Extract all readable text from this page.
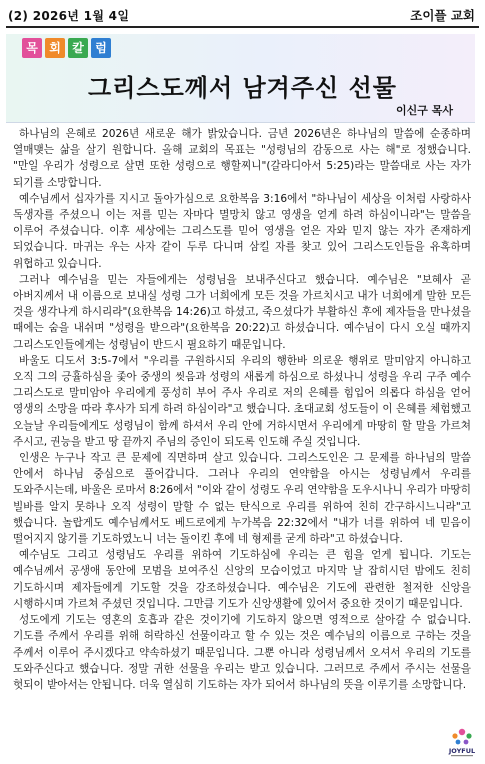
(2) 2026년 1월 4일	조이플 교회
목 회 칼 럼
그리스도께서 남겨주신 선물
이신구 목사

하나님의 은혜로 2026년 새로운 해가 밝았습니다. 금년 2026년은 하나님의 말씀에 순종하며 열매맺는 삶을 살기 원합니다. 올해 교회의 목표는 "성령님의 감동으로 사는 해"로 정했습니다. "만일 우리가 성령으로 살면 또한 성령으로 행할찌니"(갈라디아서 5:25)라는 말씀대로 사는 자가 되기를 소망합니다.

예수님께서 십자가를 지시고 돌아가심으로 요한복음 3:16에서 "하나님이 세상을 이처럼 사랑하사 독생자를 주셨으니 이는 저를 믿는 자마다 멸망치 않고 영생을 얻게 하려 하심이니라"는 말씀을 이루어 주셨습니다. 이후 세상에는 그리스도를 믿어 영생을 얻은 자와 믿지 않는 자가 존재하게 되었습니다. 마귀는 우는 사자 같이 두루 다니며 삼킬 자를 찾고 있어 그리스도인들을 유혹하며 위협하고 있습니다.

그러나 예수님을 믿는 자들에게는 성령님을 보내주신다고 했습니다. 예수님은 "보혜사 곧 아버지께서 내 이름으로 보내실 성령 그가 너희에게 모든 것을 가르치시고 내가 너희에게 말한 모든 것을 생각나게 하시리라"(요한복음 14:26)고 하셨고, 죽으셨다가 부활하신 후에 제자들을 만나셨을 때에는 숨을 내쉬며 "성령을 받으라"(요한복음 20:22)고 하셨습니다. 예수님이 다시 오실 때까지 그리스도인들에게는 성령님이 반드시 필요하기 때문입니다.

바울도 디도서 3:5-7에서 "우리를 구원하시되 우리의 행한바 의로운 행위로 말미암지 아니하고 오직 그의 긍휼하심을 좇아 중생의 씻음과 성령의 새롭게 하심으로 하셨나니 성령을 우리 구주 예수 그리스도로 말미암아 우리에게 풍성히 부어 주사 우리로 저의 은혜를 힘입어 의롭다 하심을 얻어 영생의 소망을 따라 후사가 되게 하려 하심이라"고 했습니다. 초대교회 성도들이 이 은혜를 체험했고 오늘날 우리들에게도 성령님이 함께 하셔서 우리 안에 거하시면서 우리에게 마땅히 할 말을 가르쳐 주시고, 권능을 받고 땅 끝까지 주님의 증인이 되도록 인도해 주실 것입니다.

인생은 누구나 작고 큰 문제에 직면하며 살고 있습니다. 그리스도인은 그 문제를 하나님의 말씀 안에서 하나님 중심으로 풀어갑니다. 그러나 우리의 연약함을 아시는 성령님께서 우리를 도와주시는데, 바울은 로마서 8:26에서 "이와 같이 성령도 우리 연약함을 도우시나니 우리가 마땅히 빌바를 알지 못하나 오직 성령이 말할 수 없는 탄식으로 우리를 위하여 친히 간구하시느니라"고 했습니다. 놀랍게도 예수님께서도 베드로에게 누가복음 22:32에서 "내가 너를 위하여 네 믿음이 떨어지지 않기를 기도하였노니 너는 돌이킨 후에 네 형제를 굳게 하라"고 하셨습니다.

예수님도 그리고 성령님도 우리를 위하여 기도하심에 우리는 큰 힘을 얻게 됩니다. 기도는 예수님께서 공생애 동안에 모범을 보여주신 신앙의 모습이었고 마지막 날 잡히시던 밤에도 친히 기도하시며 제자들에게 기도할 것을 강조하셨습니다. 예수님은 기도에 관련한 철저한 신앙을 시행하시며 가르쳐 주셨던 것입니다. 그만큼 기도가 신앙생활에 있어서 중요한 것이기 때문입니다.

성도에게 기도는 영혼의 호흡과 같은 것이기에 기도하지 않으면 영적으로 살아갈 수 없습니다. 기도를 주께서 우리를 위해 허락하신 선물이라고 할 수 있는 것은 예수님의 이름으로 구하는 것을 주께서 이루어 주시겠다고 약속하셨기 때문입니다. 그뿐 아니라 성령님께서 오셔서 우리의 기도를 도와주신다고 했습니다. 정말 귀한 선물을 우리는 받고 있습니다. 그러므로 주께서 주시는 선물을 헛되이 받아서는 안됩니다. 더욱 열심히 기도하는 자가 되어서 하나님의 뜻을 이루기를 소망합니다.

JOYFUL
